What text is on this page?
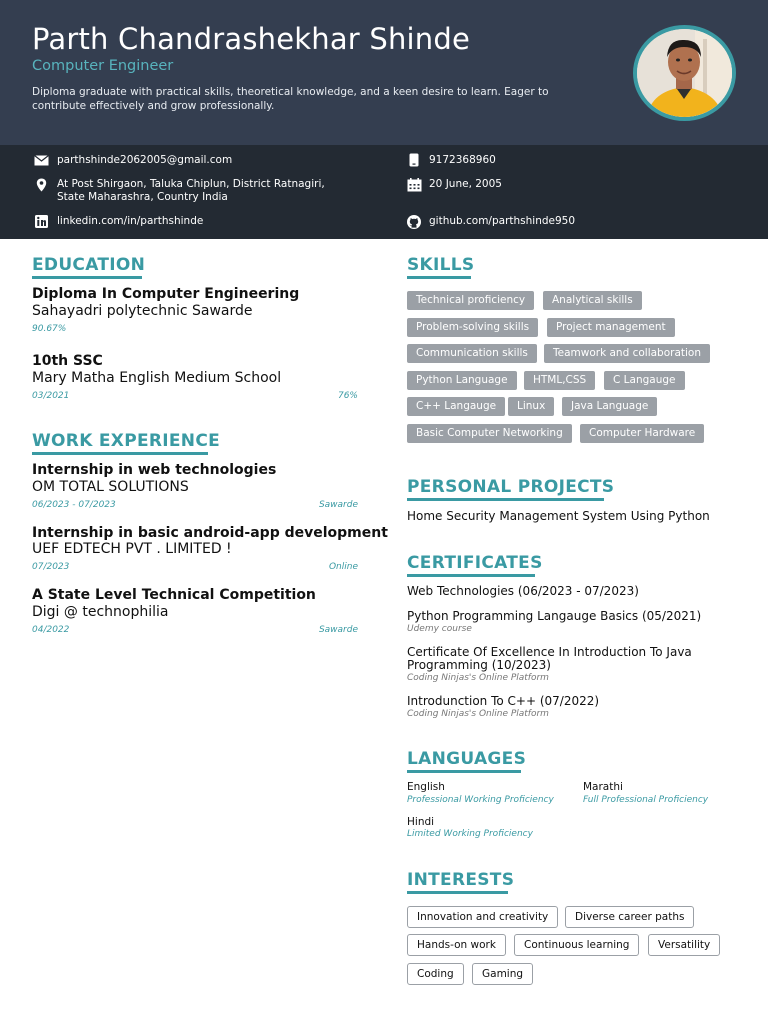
Parth Chandrashekhar Shinde
Computer Engineer
Diploma graduate with practical skills, theoretical knowledge, and a keen desire to learn. Eager to contribute effectively and grow professionally.
parthshinde2062005@gmail.com	9172368960
At Post Shirgaon, Taluka Chiplun, District Ratnagiri,
State Maharashra, Country India
20 June, 2005
linkedin.com/in/parthshinde	github.com/parthshinde950
EDUCATION
Diploma In Computer Engineering
Sahayadri polytechnic Sawarde
90.67%
10th SSC
Mary Matha English Medium School
03/2021	76%
WORK EXPERIENCE
Internship in web technologies
OM TOTAL SOLUTIONS
06/2023 - 07/2023	Sawarde
Internship in basic android-app development
UEF EDTECH PVT . LIMITED !
07/2023	Online
A State Level Technical Competition
Digi @ technophilia
04/2022	Sawarde
SKILLS
Technical proficiency	Analytical skills
Problem-solving skills	Project management
Communication skills	Teamwork and collaboration
Python Language	HTML,CSS	C Langauge
C++ Langauge	Linux	Java Language
Basic Computer Networking	Computer Hardware
PERSONAL PROJECTS
Home Security Management System Using Python
CERTIFICATES
Web Technologies (06/2023 - 07/2023)
Python Programming Langauge Basics (05/2021)
Udemy course
Certificate Of Excellence In Introduction To Java
Programming (10/2023)
Coding Ninjas's Online Platform
Introdunction To C++ (07/2022)
Coding Ninjas's Online Platform
LANGUAGES
English
Professional Working Proficiency
Marathi
Full Professional Proficiency
Hindi
Limited Working Proficiency
INTERESTS
Innovation and creativity	Diverse career paths
Hands-on work	Continuous learning	Versatility
Coding	Gaming
